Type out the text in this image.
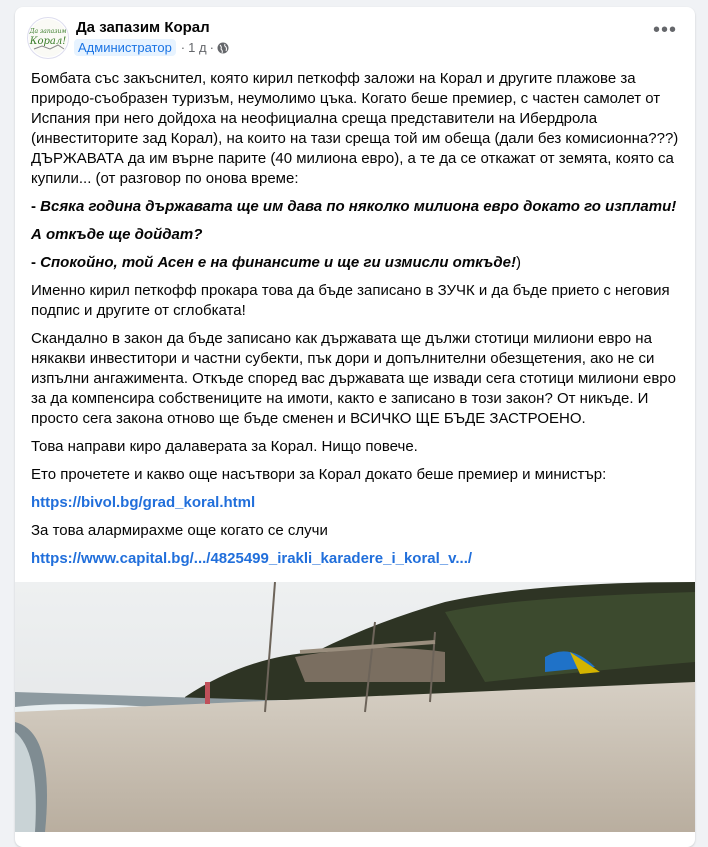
Да запазим
Корал!
Да запазим Корал
Администратор · 1 д ·
•••

Бомбата със закъснител, която кирил петкофф заложи на Корал и другите плажове за природо-съобразен туризъм, неумолимо цъка. Когато беше премиер, с частен самолет от Испания при него дойдоха на неофициална среща представители на Ибердрола (инвеститорите зад Корал), на които на тази среща той им обеща (дали без комисионна???) ДЪРЖАВАТА да им върне парите (40 милиона евро), а те да се откажат от земята, която са купили... (от разговор по онова време:

- Всяка година държавата ще им дава по няколко милиона евро докато го изплати!

А откъде ще дойдат?

- Спокойно, той Асен е на финансите и ще ги измисли откъде!)

Именно кирил петкофф прокара това да бъде записано в ЗУЧК и да бъде прието с неговия подпис и другите от сглобката!

Скандално в закон да бъде записано как държавата ще дължи стотици милиони евро на някакви инвеститори и частни субекти, пък дори и допълнителни обезщетения, ако не си изпълни ангажимента. Откъде според вас държавата ще извади сега стотици милиони евро за да компенсира собствениците на имоти, както е записано в този закон? От никъде. И просто сега закона отново ще бъде сменен и ВСИЧКО ЩЕ БЪДЕ ЗАСТРОЕНО.

Това направи киро далаверата за Корал. Нищо повече.

Ето прочетете и какво още насътвори за Корал докато беше премиер и министър:

https://bivol.bg/grad_koral.html

За това алармирахме още когато се случи

https://www.capital.bg/.../4825499_irakli_karadere_i_koral_v.../
